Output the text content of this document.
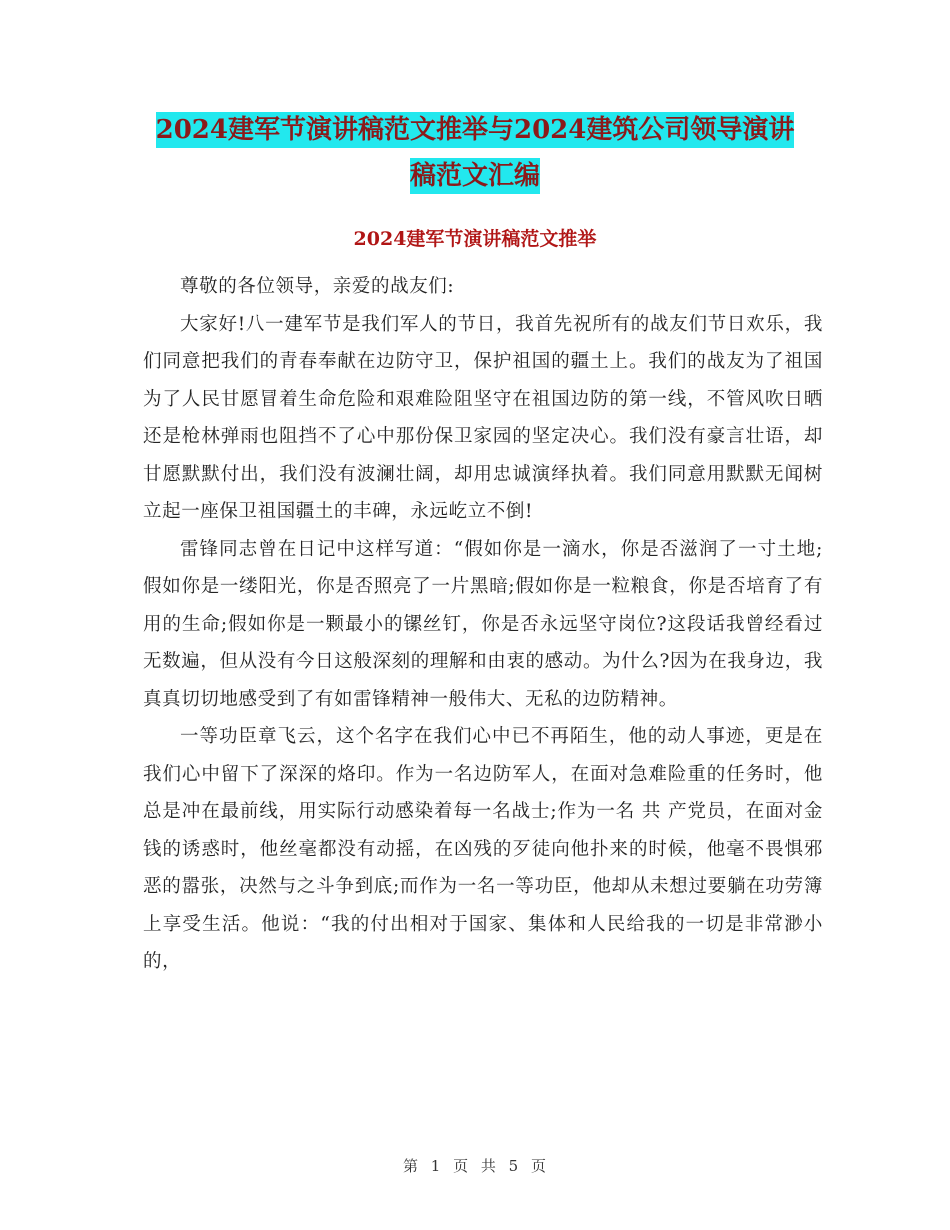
2024建军节演讲稿范文推举与2024建筑公司领导演讲
稿范文汇编
2024建军节演讲稿范文推举

尊敬的各位领导，亲爱的战友们:

大家好!八一建军节是我们军人的节日，我首先祝所有的战友们节日欢乐，我们同意把我们的青春奉献在边防守卫，保护祖国的疆土上。我们的战友为了祖国为了人民甘愿冒着生命危险和艰难险阻坚守在祖国边防的第一线，不管风吹日晒还是枪林弹雨也阻挡不了心中那份保卫家园的坚定决心。我们没有豪言壮语，却甘愿默默付出，我们没有波澜壮阔，却用忠诚演绎执着。我们同意用默默无闻树立起一座保卫祖国疆土的丰碑，永远屹立不倒!

雷锋同志曾在日记中这样写道：“假如你是一滴水，你是否滋润了一寸土地;假如你是一缕阳光，你是否照亮了一片黑暗;假如你是一粒粮食，你是否培育了有用的生命;假如你是一颗最小的镙丝钉，你是否永远坚守岗位?这段话我曾经看过无数遍，但从没有今日这般深刻的理解和由衷的感动。为什么?因为在我身边，我真真切切地感受到了有如雷锋精神一般伟大、无私的边防精神。

一等功臣章飞云，这个名字在我们心中已不再陌生，他的动人事迹，更是在我们心中留下了深深的烙印。作为一名边防军人，在面对急难险重的任务时，他总是冲在最前线，用实际行动感染着每一名战士;作为一名 共 产党员，在面对金钱的诱惑时，他丝毫都没有动摇，在凶残的歹徒向他扑来的时候，他毫不畏惧邪恶的嚣张，决然与之斗争到底;而作为一名一等功臣，他却从未想过要躺在功劳簿上享受生活。他说：“我的付出相对于国家、集体和人民给我的一切是非常渺小的，

第 1 页 共 5 页
